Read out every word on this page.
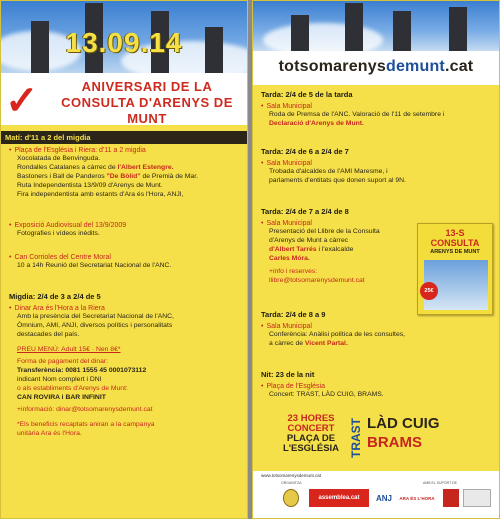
13.09.14
✓	ANIVERSARI DE LA
CONSULTA D'ARENYS DE MUNT
Matí: d'11 a 2 del migdia
• Plaça de l'Església i Riera: d'11 a 2 migdia
Xocolatada de Benvinguda.
Rondalles Catalanes a càrrec de l'Albert Estengre.
Bastoners i Ball de Panderos "De Bòlid" de Premià de Mar.
Ruta Independentista 13/9/09 d'Arenys de Munt.
Fira independentista amb estants d'Ara és l'Hora, ANJI,
• Exposició Audiovisual del 13/9/2009
Fotografies i vídeos inèdits.
• Can Corrioles del Centre Moral
10 a 14h Reunió del Secretariat Nacional de l'ANC.
Migdia: 2/4 de 3 a 2/4 de 5
• Dinar Ara és l'Hora a la Riera
Amb la presència del Secretariat Nacional de l'ANC,
Òmnium, AMI, ANJI, diversos polítics i personalitats
destacades del país.
PREU MENÚ: Adult 15€ · Nen 8€*
Forma de pagament del dinar:
Transferència: 0081 1555 45 0001073112
indicant Nom complert i DNI
o als establiments d'Arenys de Munt:
CAN ROVIRA i BAR INFINIT
+informació: dinar@totsomarenysdemunt.cat
*Els beneficis recaptats aniran a la campanya
unitària Ara és l'Hora.
totsomarenysdemunt.cat
Tarda: 2/4 de 5 de la tarda
• Sala Municipal
Roda de Premsa de l'ANC. Valoració de l'11 de setembre i
Declaració d'Arenys de Munt.
Tarda: 2/4 de 6 a 2/4 de 7
• Sala Municipal
Trobada d'alcaldes de l'AMI Maresme, i
parlaments d'entitats que donen suport al 9N.
Tarda: 2/4 de 7 a 2/4 de 8
• Sala Municipal
Presentació del Llibre de la Consulta
d'Arenys de Munt a càrrec
d'Albert Tarrés i l'exalcalde
Carles Móra.
+info i reserves:
llibre@totsomarenysdemunt.cat
13-S
CONSULTA
ARENYS DE MUNT
25€
Tarda: 2/4 de 8 a 9
• Sala Municipal
Conferència: Anàlisi política de les consultes,
a càrrec de Vicent Partal.
Nit: 23 de la nit
• Plaça de l'Església
Concert: TRAST, LÀD CUIG, BRAMS.
23 HORES
CONCERT
PLAÇA DE
L'ESGLÉSIA TRAST LÀD CUIG
BRAMS
www.totsomarenysdemunt.cat
ORGANITZA	AMB EL SUPORT DE
assemblea.cat	ANJ	ARA ÉS L'HORA
